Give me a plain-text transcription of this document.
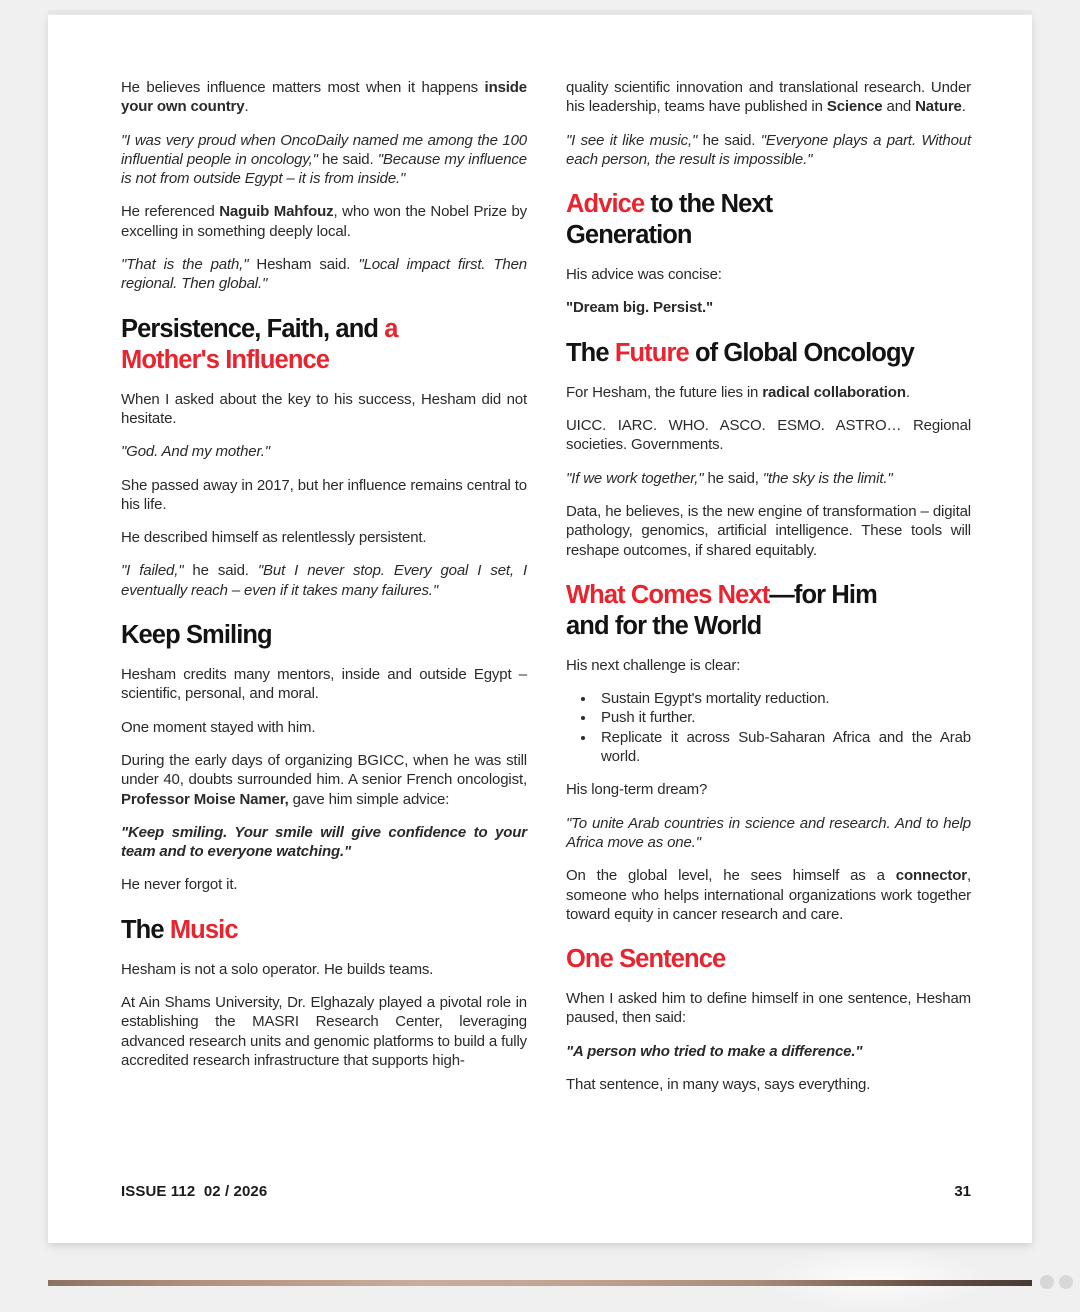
He believes influence matters most when it happens inside your own country.

"I was very proud when OncoDaily named me among the 100 influential people in oncology," he said. "Because my influence is not from outside Egypt – it is from inside."

He referenced Naguib Mahfouz, who won the Nobel Prize by excelling in something deeply local.

"That is the path," Hesham said. "Local impact first. Then regional. Then global."

Persistence, Faith, and a
Mother's Influence

When I asked about the key to his success, Hesham did not hesitate.

"God. And my mother."

She passed away in 2017, but her influence remains central to his life.

He described himself as relentlessly persistent.

"I failed," he said. "But I never stop. Every goal I set, I eventually reach – even if it takes many failures."

Keep Smiling

Hesham credits many mentors, inside and outside Egypt – scientific, personal, and moral.

One moment stayed with him.

During the early days of organizing BGICC, when he was still under 40, doubts surrounded him. A senior French oncologist, Professor Moise Namer, gave him simple advice:

"Keep smiling. Your smile will give confidence to your team and to everyone watching."

He never forgot it.

The Music

Hesham is not a solo operator. He builds teams.

At Ain Shams University, Dr. Elghazaly played a pivotal role in establishing the MASRI Research Center, leveraging advanced research units and genomic platforms to build a fully accredited research infrastructure that supports high-

quality scientific innovation and translational research. Under his leadership, teams have published in Science and Nature.

"I see it like music," he said. "Everyone plays a part. Without each person, the result is impossible."

Advice to the Next
Generation

His advice was concise:

"Dream big. Persist."

The Future of Global Oncology

For Hesham, the future lies in radical collaboration.

UICC. IARC. WHO. ASCO. ESMO. ASTRO… Regional societies. Governments.

"If we work together," he said, "the sky is the limit."

Data, he believes, is the new engine of transformation – digital pathology, genomics, artificial intelligence. These tools will reshape outcomes, if shared equitably.

What Comes Next—for Him
and for the World

His next challenge is clear:

• Sustain Egypt's mortality reduction.
• Push it further.
• Replicate it across Sub-Saharan Africa and the Arab world.

His long-term dream?

"To unite Arab countries in science and research. And to help Africa move as one."

On the global level, he sees himself as a connector, someone who helps international organizations work together toward equity in cancer research and care.

One Sentence

When I asked him to define himself in one sentence, Hesham paused, then said:

"A person who tried to make a difference."

That sentence, in many ways, says everything.

ISSUE 112  02 / 2026	31
